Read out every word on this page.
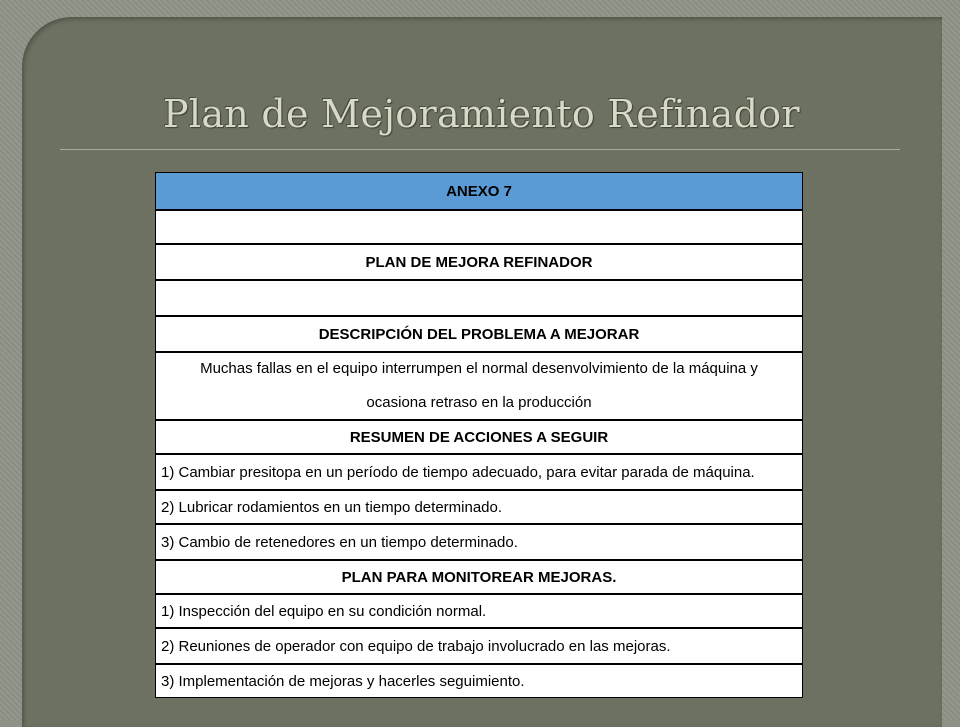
Plan de Mejoramiento Refinador
ANEXO 7
PLAN DE MEJORA REFINADOR
DESCRIPCIÓN DEL PROBLEMA A MEJORAR
Muchas fallas en el equipo interrumpen el normal desenvolvimiento de la máquina y
ocasiona retraso en la producción
RESUMEN DE ACCIONES A SEGUIR
1) Cambiar presitopa en un período de tiempo adecuado, para evitar parada de máquina.
2) Lubricar rodamientos en un tiempo determinado.
3) Cambio de retenedores en un tiempo determinado.
PLAN PARA MONITOREAR MEJORAS.
1) Inspección del equipo en su condición normal.
2) Reuniones de operador con equipo de trabajo involucrado en las mejoras.
3) Implementación de mejoras y hacerles seguimiento.
